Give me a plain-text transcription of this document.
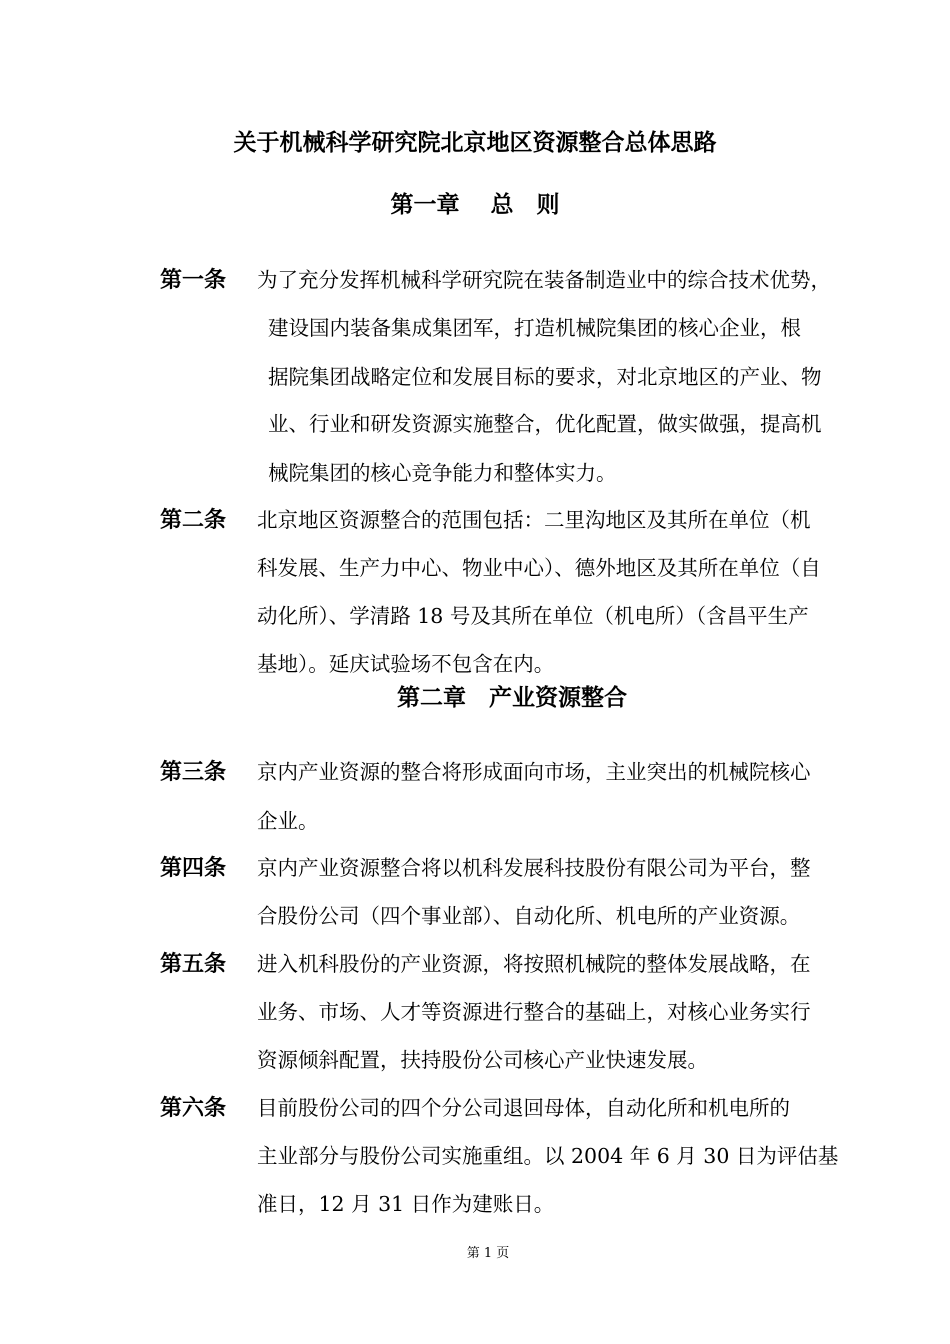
关于机械科学研究院北京地区资源整合总体思路
第一章　 总　则
第一条 为了充分发挥机械科学研究院在装备制造业中的综合技术优势，
建设国内装备集成集团军，打造机械院集团的核心企业，根
据院集团战略定位和发展目标的要求，对北京地区的产业、物
业、行业和研发资源实施整合，优化配置，做实做强，提高机
械院集团的核心竞争能力和整体实力。
第二条 北京地区资源整合的范围包括：二里沟地区及其所在单位（机
科发展、生产力中心、物业中心）、德外地区及其所在单位（自
动化所）、学清路 18 号及其所在单位（机电所）（含昌平生产
基地）。延庆试验场不包含在内。
第二章　产业资源整合
第三条 京内产业资源的整合将形成面向市场，主业突出的机械院核心
企业。
第四条 京内产业资源整合将以机科发展科技股份有限公司为平台，整
合股份公司（四个事业部）、自动化所、机电所的产业资源。
第五条 进入机科股份的产业资源，将按照机械院的整体发展战略，在
业务、市场、人才等资源进行整合的基础上，对核心业务实行
资源倾斜配置，扶持股份公司核心产业快速发展。
第六条 目前股份公司的四个分公司退回母体，自动化所和机电所的
主业部分与股份公司实施重组。以 2004 年 6 月 30 日为评估基
准日，12 月 31 日作为建账日。
第 1 页
